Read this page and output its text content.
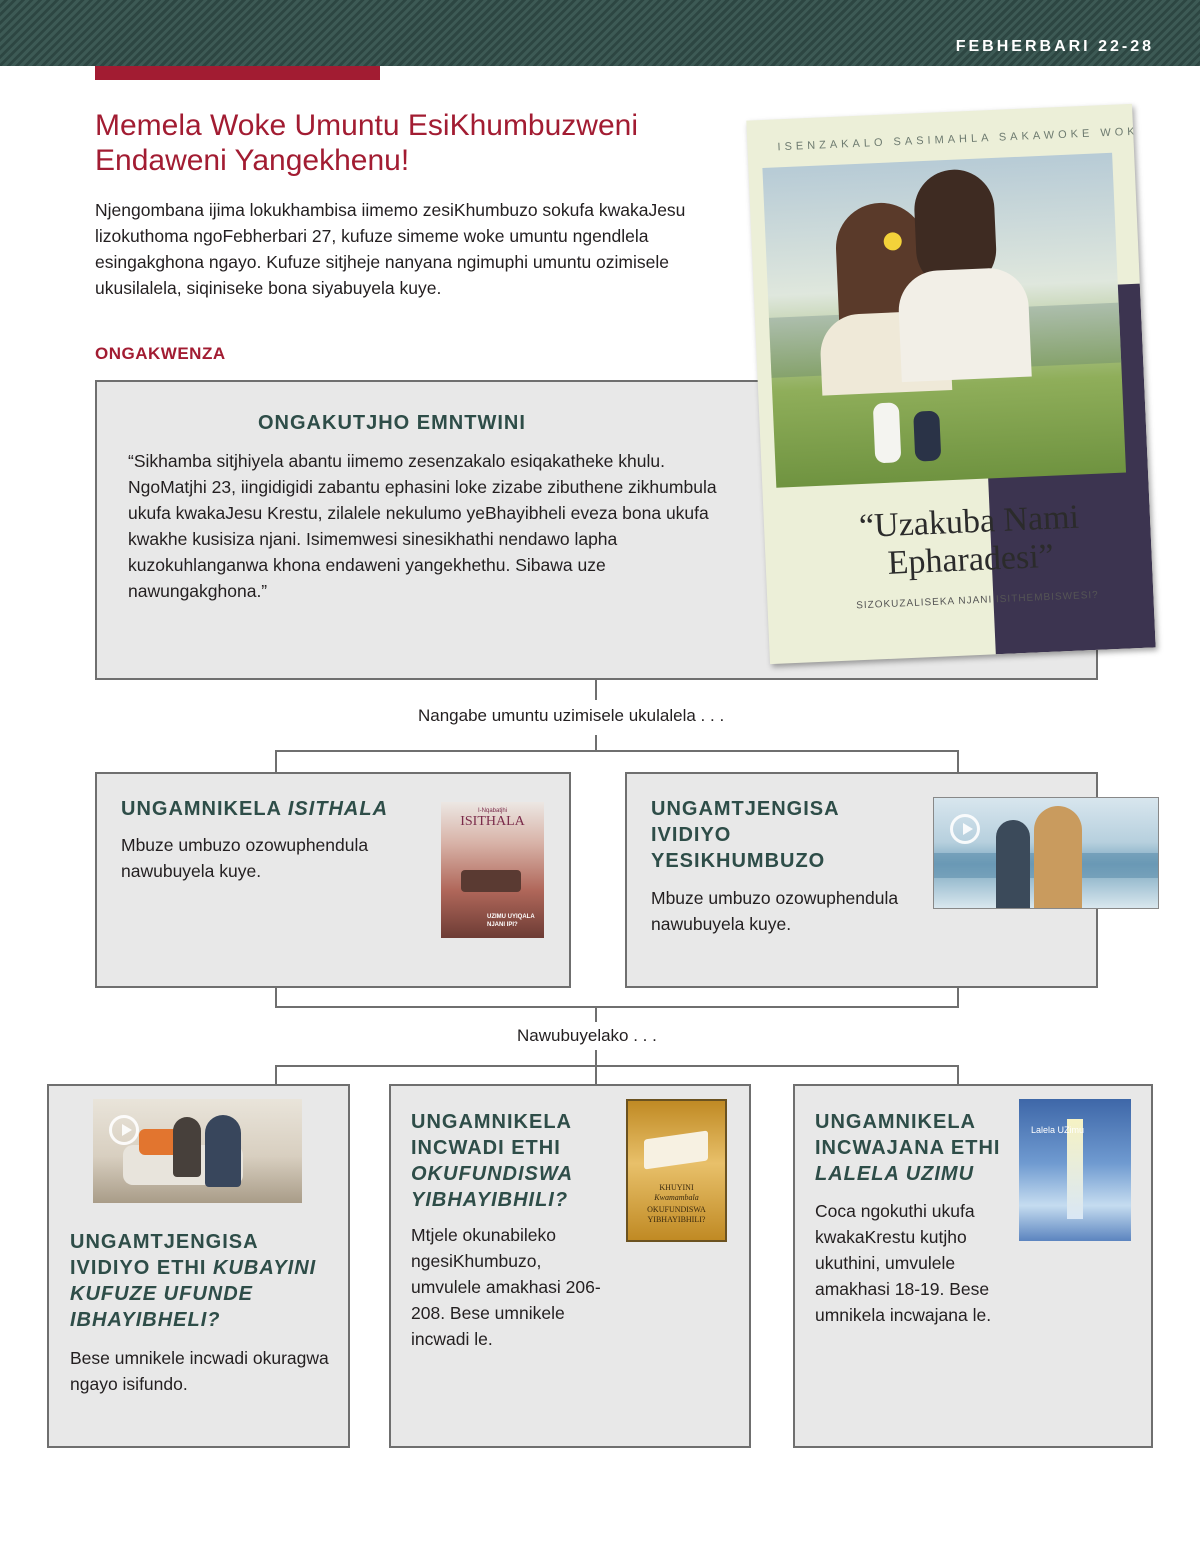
FEBHERBARI 22-28
Memela Woke Umuntu EsiKhumbuzweni Endaweni Yangekhenu!

Njengombana ijima lokukhambisa iimemo zesiKhumbuzo sokufa kwakaJesu lizokuthoma ngoFebherbari 27, kufuze simeme woke umuntu ngendlela esingakghona ngayo. Kufuze sitjheje nanyana ngimuphi umuntu ozimisele ukusilalela, siqiniseke bona siyabuyela kuye.

ONGAKWENZA
ONGAKUTJHO EMNTWINI

“Sikhamba sitjhiyela abantu iimemo zesenzakalo esiqakatheke khulu. NgoMatjhi 23, iingidigidi zabantu ephasini loke zizabe zibuthene zikhumbula ukufa kwakaJesu Krestu, zilalele nekulumo yeBhayibheli eveza bona ukufa kwakhe kusisiza njani. Isimemwesi sinesikhathi nendawo lapha kuzokuhlanganwa khona endaweni yangekhethu. Sibawa uze nawungakghona.”

ISENZAKALO SASIMAHLA SAKAWOKE WOKE
“Uzakuba Nami Epharadesi”
SIZOKUZALISEKA NJANI ISITHEMBISWESI?
Nangabe umuntu uzimisele ukulalela . . .
UNGAMNIKELA ISITHALA

Mbuze umbuzo ozowuphendula nawubuyela kuye.

I-Nqabatjhi
ISITHALA
UZIMU UYIQALA
NJANI IPI?
UNGAMTJENGISA IVIDIYO YESIKHUMBUZO

Mbuze umbuzo ozowuphendula nawubuyela kuye.

Nawubuyelako . . .
UNGAMTJENGISA IVIDIYO ETHI KUBAYINI KUFUZE UFUNDE IBHAYIBHELI?

Bese umnikele incwadi okuragwa ngayo isifundo.

UNGAMNIKELA INCWADI ETHI OKUFUNDISWA YIBHAYIBHILI?

Mtjele okunabileko ngesiKhumbuzo, umvulele amakhasi 206-208. Bese umnikele incwadi le.

KHUYINI
Kwamambala
OKUFUNDISWA
YIBHAYIBHILI?
UNGAMNIKELA INCWAJANA ETHI LALELA UZIMU

Coca ngokuthi ukufa kwakaKrestu kutjho ukuthini, umvulele amakhasi 18-19. Bese umnikela incwajana le.

Lalela UZimu
